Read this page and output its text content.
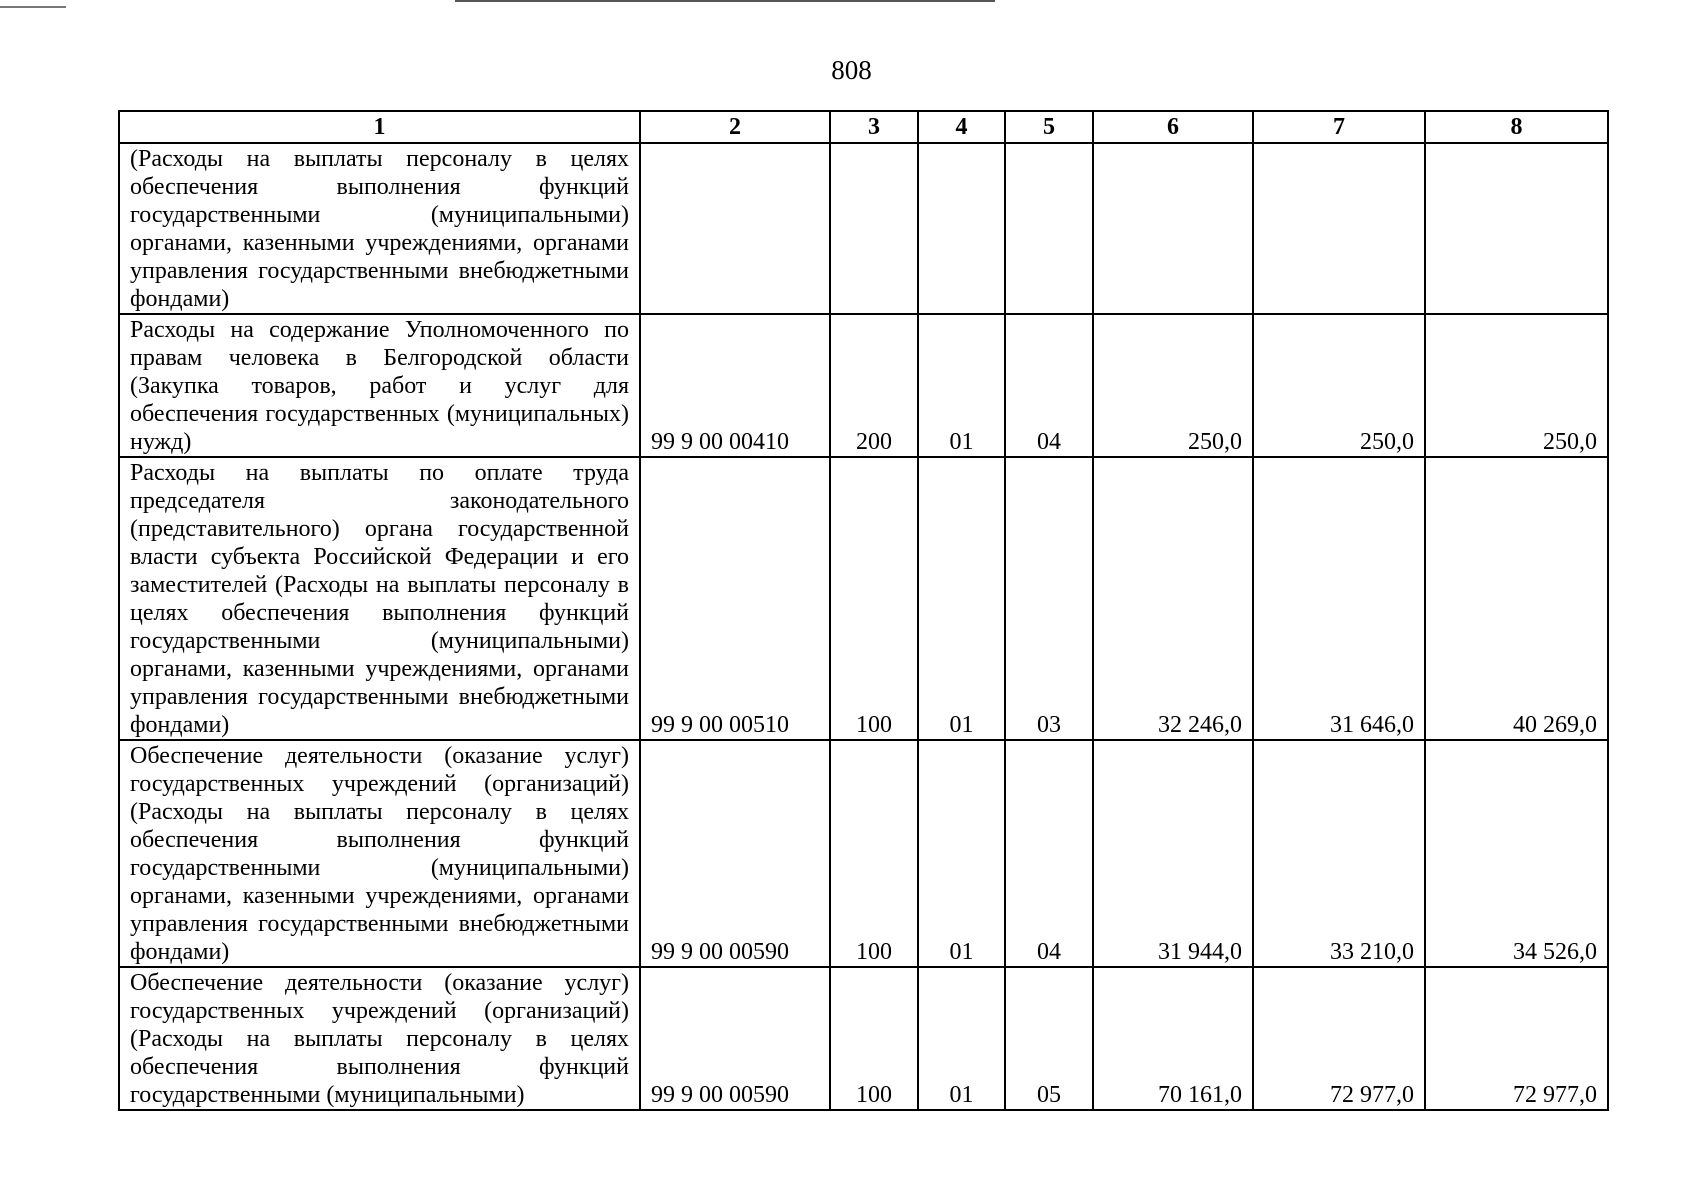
808
1	2	3	4	5	6	7	8
(Расходы на выплаты персоналу в целях обеспечения выполнения функций государственными (муниципальными) органами, казенными учреждениями, органами управления государственными внебюджетными фондами)							
Расходы на содержание Уполномоченного по правам человека в Белгородской области (Закупка товаров, работ и услуг для обеспечения государственных (муниципальных) нужд)	99 9 00 00410	200	01	04	250,0	250,0	250,0
Расходы на выплаты по оплате труда председателя законодательного (представительного) органа государственной власти субъекта Российской Федерации и его заместителей (Расходы на выплаты персоналу в целях обеспечения выполнения функций государственными (муниципальными) органами, казенными учреждениями, органами управления государственными внебюджетными фондами)	99 9 00 00510	100	01	03	32 246,0	31 646,0	40 269,0
Обеспечение деятельности (оказание услуг) государственных учреждений (организаций) (Расходы на выплаты персоналу в целях обеспечения выполнения функций государственными (муниципальными) органами, казенными учреждениями, органами управления государственными внебюджетными фондами)	99 9 00 00590	100	01	04	31 944,0	33 210,0	34 526,0
Обеспечение деятельности (оказание услуг) государственных учреждений (организаций) (Расходы на выплаты персоналу в целях обеспечения выполнения функций государственными (муниципальными)	99 9 00 00590	100	01	05	70 161,0	72 977,0	72 977,0
